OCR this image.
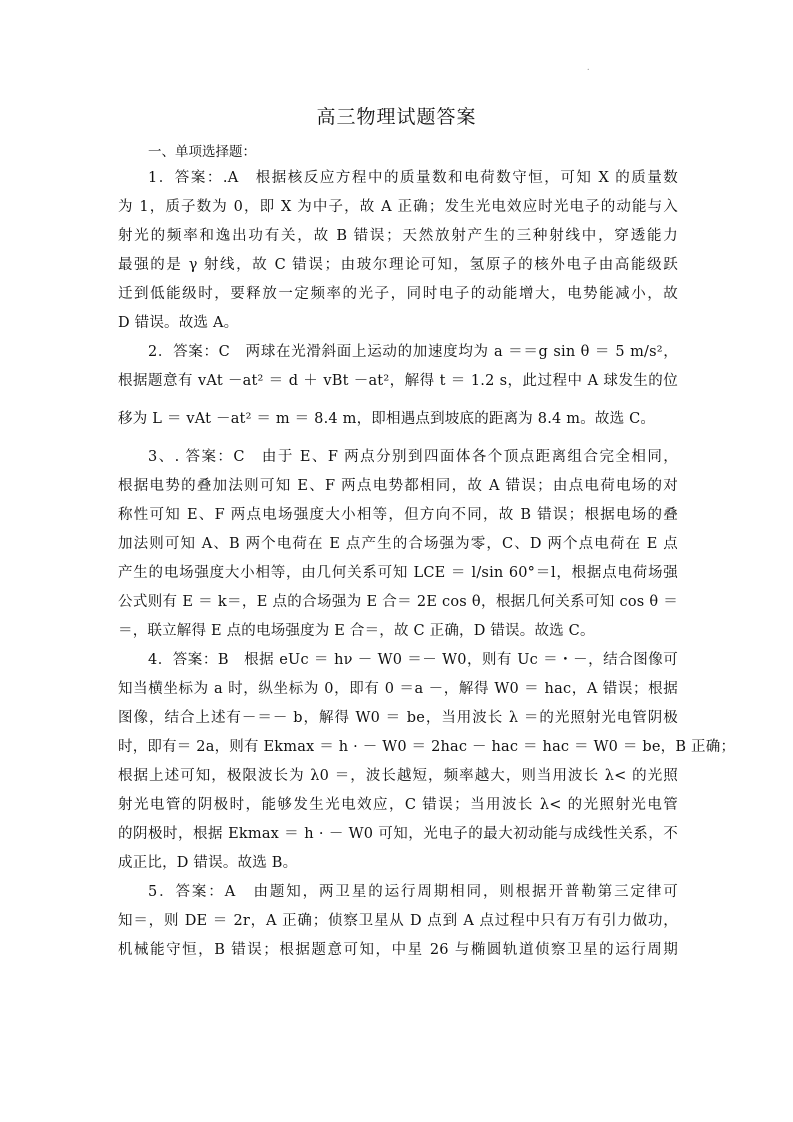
.
高三物理试题答案
一、单项选择题：
1．答案：.A　根据核反应方程中的质量数和电荷数守恒，可知 X 的质量数
为 1，质子数为 0，即 X 为中子，故 A 正确；发生光电效应时光电子的动能与入
射光的频率和逸出功有关，故 B 错误；天然放射产生的三种射线中，穿透能力
最强的是 γ 射线，故 C 错误；由玻尔理论可知，氢原子的核外电子由高能级跃
迁到低能级时，要释放一定频率的光子，同时电子的动能增大，电势能减小，故
D 错误。故选 A。
2．答案：C　两球在光滑斜面上运动的加速度均为 a ＝＝g sin θ ＝ 5 m/s²，
根据题意有 vAt －at² ＝ d ＋ vBt －at²，解得 t ＝ 1.2 s，此过程中 A 球发生的位
移为 L ＝ vAt －at² ＝ m ＝ 8.4 m，即相遇点到坡底的距离为 8.4 m。故选 C。
3、. 答案：C　由于 E、F 两点分别到四面体各个顶点距离组合完全相同，
根据电势的叠加法则可知 E、F 两点电势都相同，故 A 错误；由点电荷电场的对
称性可知 E、F 两点电场强度大小相等，但方向不同，故 B 错误；根据电场的叠
加法则可知 A、B 两个电荷在 E 点产生的合场强为零，C、D 两个点电荷在 E 点
产生的电场强度大小相等，由几何关系可知 LCE ＝ l/sin 60°＝l，根据点电荷场强
公式则有 E ＝ k＝，E 点的合场强为 E 合＝ 2E cos θ，根据几何关系可知 cos θ ＝
＝，联立解得 E 点的电场强度为 E 合＝，故 C 正确，D 错误。故选 C。
4．答案：B　根据 eUc ＝ hν － W0 ＝－ W0，则有 Uc ＝・－，结合图像可
知当横坐标为 a 时，纵坐标为 0，即有 0 ＝a －，解得 W0 ＝ hac，A 错误；根据
图像，结合上述有－＝－ b，解得 W0 ＝ be，当用波长 λ ＝的光照射光电管阴极
时，即有＝ 2a，则有 Ekmax ＝ h · － W0 ＝ 2hac － hac ＝ hac ＝ W0 ＝ be，B 正确；
根据上述可知，极限波长为 λ0 ＝，波长越短，频率越大，则当用波长 λ< 的光照
射光电管的阴极时，能够发生光电效应，C 错误；当用波长 λ< 的光照射光电管
的阴极时，根据 Ekmax ＝ h · － W0 可知，光电子的最大初动能与成线性关系，不
成正比，D 错误。故选 B。
5．答案：A　由题知，两卫星的运行周期相同，则根据开普勒第三定律可
知＝，则 DE ＝ 2r，A 正确；侦察卫星从 D 点到 A 点过程中只有万有引力做功，
机械能守恒，B 错误；根据题意可知，中星 26 与椭圆轨道侦察卫星的运行周期
